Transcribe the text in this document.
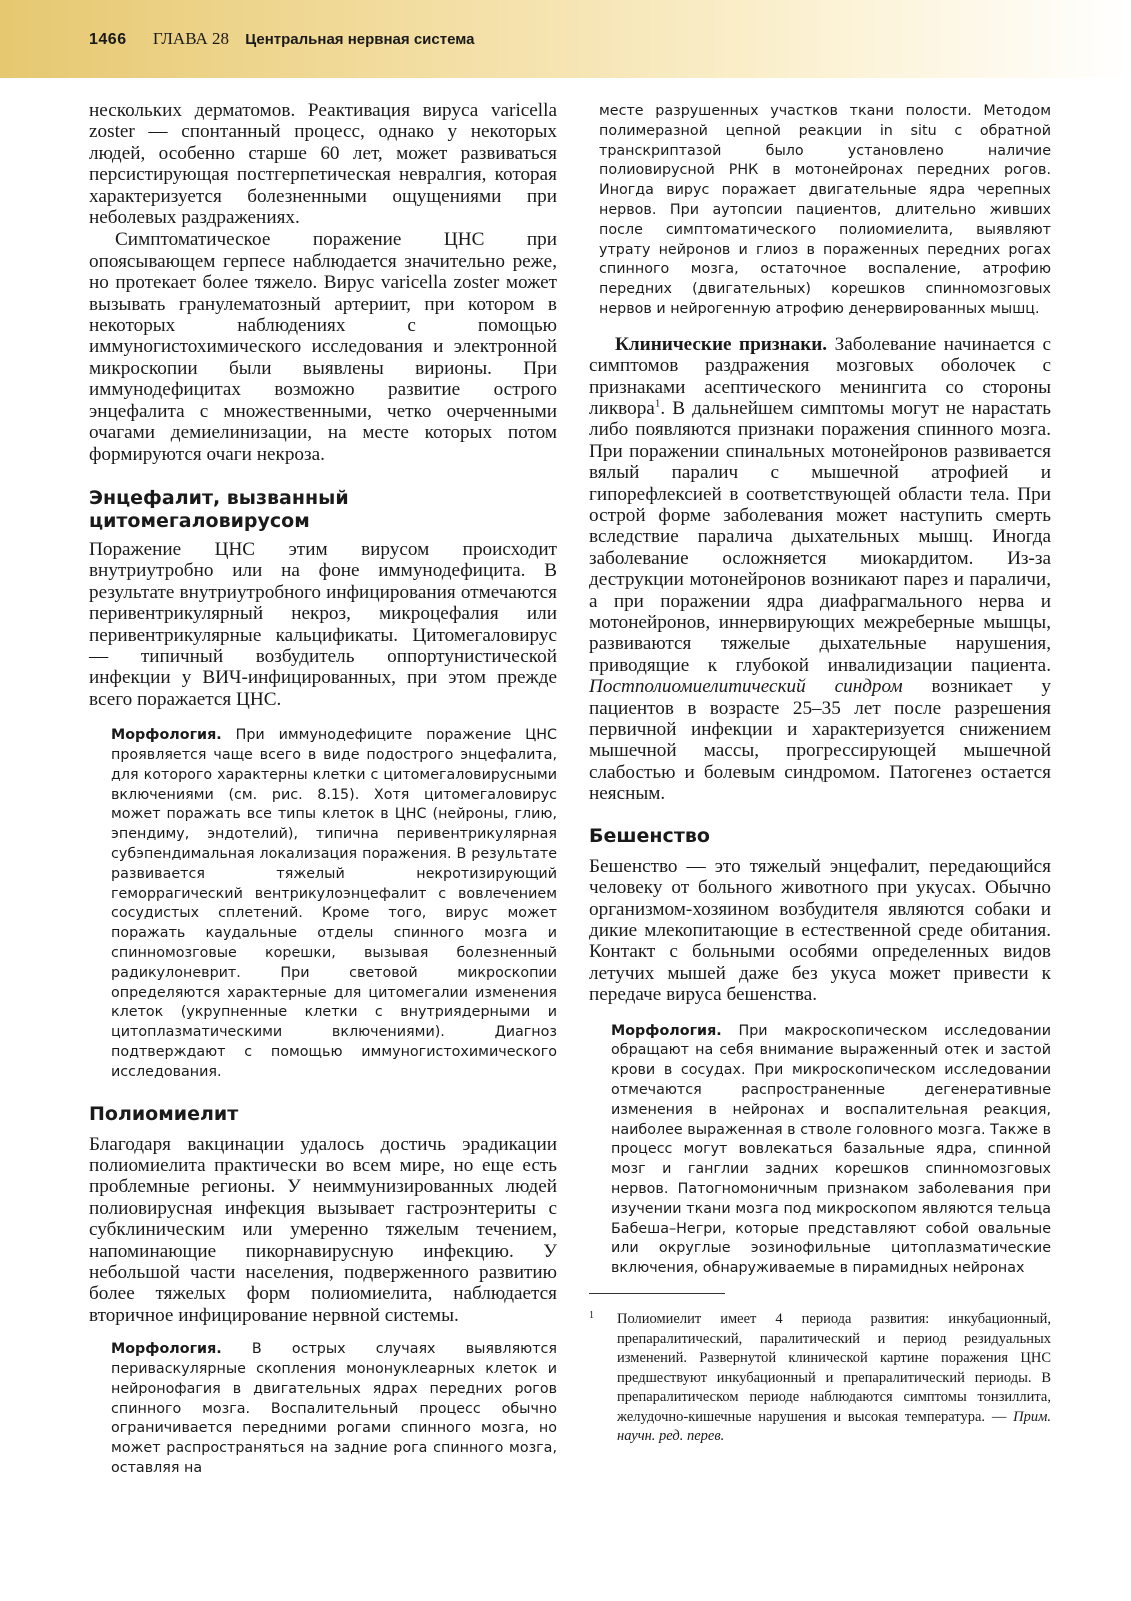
1466 ГЛАВА 28 Центральная нервная система

нескольких дерматомов. Реактивация вируса varicella zoster — спонтанный процесс, однако у некоторых людей, особенно старше 60 лет, может развиваться персистирующая постгерпетическая невралгия, которая характеризуется болезненными ощущениями при неболевых раздражениях.

Симптоматическое поражение ЦНС при опоясывающем герпесе наблюдается значительно реже, но протекает более тяжело. Вирус varicella zoster может вызывать гранулематозный артериит, при котором в некоторых наблюдениях с помощью иммуногистохимического исследования и электронной микроскопии были выявлены вирионы. При иммунодефицитах возможно развитие острого энцефалита с множественными, четко очерченными очагами демиелинизации, на месте которых потом формируются очаги некроза.

Энцефалит, вызванный
цитомегаловирусом

Поражение ЦНС этим вирусом происходит внутриутробно или на фоне иммунодефицита. В результате внутриутробного инфицирования отмечаются перивентрикулярный некроз, микроцефалия или перивентрикулярные кальцификаты. Цитомегаловирус — типичный возбудитель оппортунистической инфекции у ВИЧ-инфицированных, при этом прежде всего поражается ЦНС.

Морфология. При иммунодефиците поражение ЦНС проявляется чаще всего в виде подострого энцефалита, для которого характерны клетки с цитомегаловирусными включениями (см. рис. 8.15). Хотя цитомегаловирус может поражать все типы клеток в ЦНС (нейроны, глию, эпендиму, эндотелий), типична перивентрикулярная субэпендимальная локализация поражения. В результате развивается тяжелый некротизирующий геморрагический вентрикулоэнцефалит с вовлечением сосудистых сплетений. Кроме того, вирус может поражать каудальные отделы спинного мозга и спинномозговые корешки, вызывая болезненный радикулоневрит. При световой микроскопии определяются характерные для цитомегалии изменения клеток (укрупненные клетки с внутриядерными и цитоплазматическими включениями). Диагноз подтверждают с помощью иммуногистохимического исследования.

Полиомиелит

Благодаря вакцинации удалось достичь эрадикации полиомиелита практически во всем мире, но еще есть проблемные регионы. У неиммунизированных людей полиовирусная инфекция вызывает гастроэнтериты с субклиническим или умеренно тяжелым течением, напоминающие пикорнавирусную инфекцию. У небольшой части населения, подверженного развитию более тяжелых форм полиомиелита, наблюдается вторичное инфицирование нервной системы.

Морфология. В острых случаях выявляются периваскулярные скопления мононуклеарных клеток и нейронофагия в двигательных ядрах передних рогов спинного мозга. Воспалительный процесс обычно ограничивается передними рогами спинного мозга, но может распространяться на задние рога спинного мозга, оставляя на

месте разрушенных участков ткани полости. Методом полимеразной цепной реакции in situ с обратной транскриптазой было установлено наличие полиовирусной РНК в мотонейронах передних рогов. Иногда вирус поражает двигательные ядра черепных нервов. При аутопсии пациентов, длительно живших после симптоматического полиомиелита, выявляют утрату нейронов и глиоз в пораженных передних рогах спинного мозга, остаточное воспаление, атрофию передних (двигательных) корешков спинномозговых нервов и нейрогенную атрофию денервированных мышц.

Клинические признаки. Заболевание начинается с симптомов раздражения мозговых оболочек с признаками асептического менингита со стороны ликвора$^1$. В дальнейшем симптомы могут не нарастать либо появляются признаки поражения спинного мозга. При поражении спинальных мотонейронов развивается вялый паралич с мышечной атрофией и гипорефлексией в соответствующей области тела. При острой форме заболевания может наступить смерть вследствие паралича дыхательных мышц. Иногда заболевание осложняется миокардитом. Из-за деструкции мотонейронов возникают парез и параличи, а при поражении ядра диафрагмального нерва и мотонейронов, иннервирующих межреберные мышцы, развиваются тяжелые дыхательные нарушения, приводящие к глубокой инвалидизации пациента. Постполиомиелитический синдром возникает у пациентов в возрасте 25–35 лет после разрешения первичной инфекции и характеризуется снижением мышечной массы, прогрессирующей мышечной слабостью и болевым синдромом. Патогенез остается неясным.

Бешенство

Бешенство — это тяжелый энцефалит, передающийся человеку от больного животного при укусах. Обычно организмом-хозяином возбудителя являются собаки и дикие млекопитающие в естественной среде обитания. Контакт с больными особями определенных видов летучих мышей даже без укуса может привести к передаче вируса бешенства.

Морфология. При макроскопическом исследовании обращают на себя внимание выраженный отек и застой крови в сосудах. При микроскопическом исследовании отмечаются распространенные дегенеративные изменения в нейронах и воспалительная реакция, наиболее выраженная в стволе головного мозга. Также в процесс могут вовлекаться базальные ядра, спинной мозг и ганглии задних корешков спинномозговых нервов. Патогномоничным признаком заболевания при изучении ткани мозга под микроскопом являются тельца Бабеша–Негри, которые представляют собой овальные или округлые эозинофильные цитоплазматические включения, обнаруживаемые в пирамидных нейронах

1 Полиомиелит имеет 4 периода развития: инкубационный, препаралитический, паралитический и период резидуальных изменений. Развернутой клинической картине поражения ЦНС предшествуют инкубационный и препаралитический периоды. В препаралитическом периоде наблюдаются симптомы тонзиллита, желудочно-кишечные нарушения и высокая температура. — Прим. научн. ред. перев.
